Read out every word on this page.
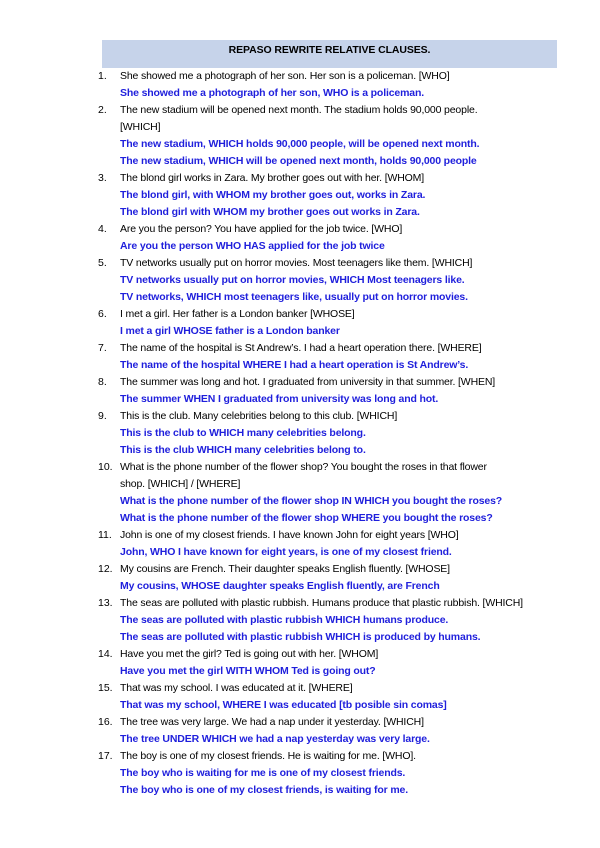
REPASO REWRITE RELATIVE CLAUSES.
1.	She showed me a photograph of her son. Her son is a policeman. [WHO]
She showed me a photograph of her son, WHO is a policeman.
2.	The new stadium will be opened next month. The stadium holds 90,000 people.
[WHICH]
The new stadium, WHICH holds 90,000 people, will be opened next month.
The new stadium, WHICH will be opened next month, holds 90,000 people
3.	The blond girl works in Zara. My brother goes out with her. [WHOM]
The blond girl, with WHOM my brother goes out, works in Zara.
The blond girl with WHOM my brother goes out works in Zara.
4.	Are you the person? You have applied for the job twice. [WHO]
Are you the person WHO HAS applied for the job twice
5.	TV networks usually put on horror movies. Most teenagers like them. [WHICH]
TV networks usually put on horror movies, WHICH Most teenagers like.
TV networks, WHICH most teenagers like, usually put on horror movies.
6.	I met a girl. Her father is a London banker [WHOSE]
I met a girl WHOSE father is a London banker
7.	The name of the hospital is St Andrew’s. I had a heart operation there. [WHERE]
The name of the hospital WHERE I had a heart operation is St Andrew’s.
8.	The summer was long and hot. I graduated from university in that summer. [WHEN]
The summer WHEN I graduated from university was long and hot.
9.	This is the club. Many celebrities belong to this club. [WHICH]
This is the club to WHICH many celebrities belong.
This is the club WHICH many celebrities belong to.
10. What is the phone number of the flower shop? You bought the roses in that flower
shop. [WHICH] / [WHERE]
What is the phone number of the flower shop IN WHICH you bought the roses?
What is the phone number of the flower shop WHERE you bought the roses?
11. John is one of my closest friends. I have known John for eight years [WHO]
John, WHO I have known for eight years, is one of my closest friend.
12. My cousins are French. Their daughter speaks English fluently. [WHOSE]
My cousins, WHOSE daughter speaks English fluently, are French
13. The seas are polluted with plastic rubbish. Humans produce that plastic rubbish. [WHICH]
The seas are polluted with plastic rubbish WHICH humans produce.
The seas are polluted with plastic rubbish WHICH is produced by humans.
14. Have you met the girl? Ted is going out with her. [WHOM]
Have you met the girl WITH WHOM Ted is going out?
15. That was my school. I was educated at it. [WHERE]
That was my school, WHERE I was educated [tb posible sin comas]
16. The tree was very large. We had a nap under it yesterday. [WHICH]
The tree UNDER WHICH we had a nap yesterday was very large.
17. The boy is one of my closest friends. He is waiting for me. [WHO].
The boy who is waiting for me is one of my closest friends.
The boy who is one of my closest friends, is waiting for me.
